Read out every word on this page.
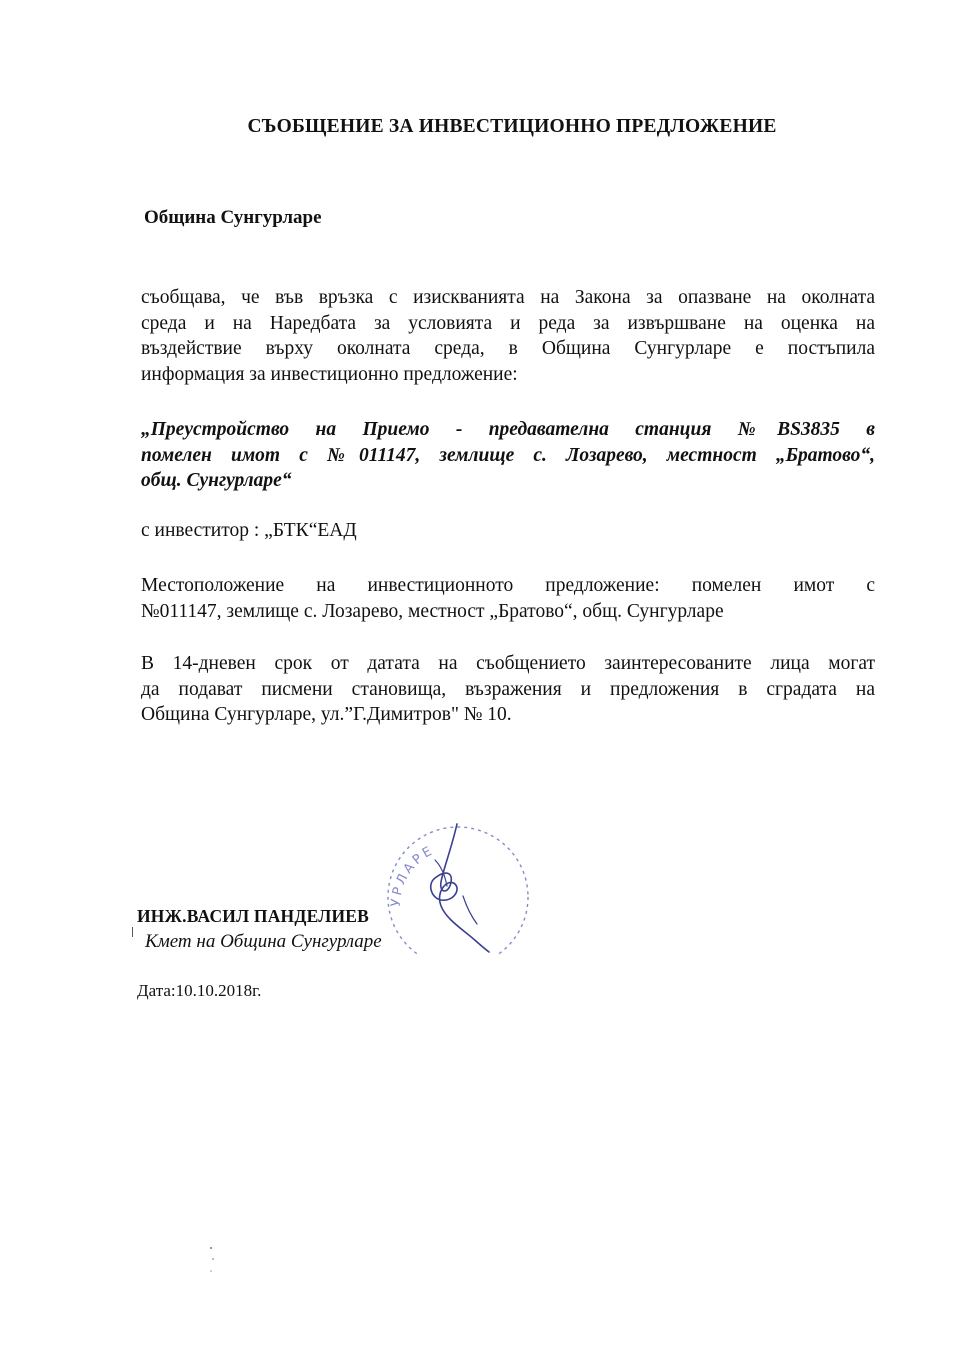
СЪОБЩЕНИЕ ЗА ИНВЕСТИЦИОННО ПРЕДЛОЖЕНИЕ
Община Сунгурларе
съобщава, че във връзка с изискванията на Закона за опазване на околната
среда и на Наредбата за условията и реда за извършване на оценка на
въздействие върху околната среда, в Община Сунгурларе е постъпила
информация за инвестиционно предложение:
„Преустройство на Приемо - предавателна станция №BS3835 в
помелен имот с №011147, землище с. Лозарево, местност „Братово“,
общ. Сунгурларе“
с инвеститор : „БТК“ЕАД
Местоположение на инвестиционното предложение: помелен имот с
№011147, землище с. Лозарево, местност „Братово“, общ. Сунгурларе
В 14-дневен срок от датата на съобщението заинтересованите лица могат
да подават писмени становища, възражения и предложения в сградата на
Община Сунгурларе, ул.”Г.Димитров" № 10.
УРЛАРЕ
ИНЖ.ВАСИЛ ПАНДЕЛИЕВ
Кмет на Община Сунгурларе
Дата:10.10.2018г.
